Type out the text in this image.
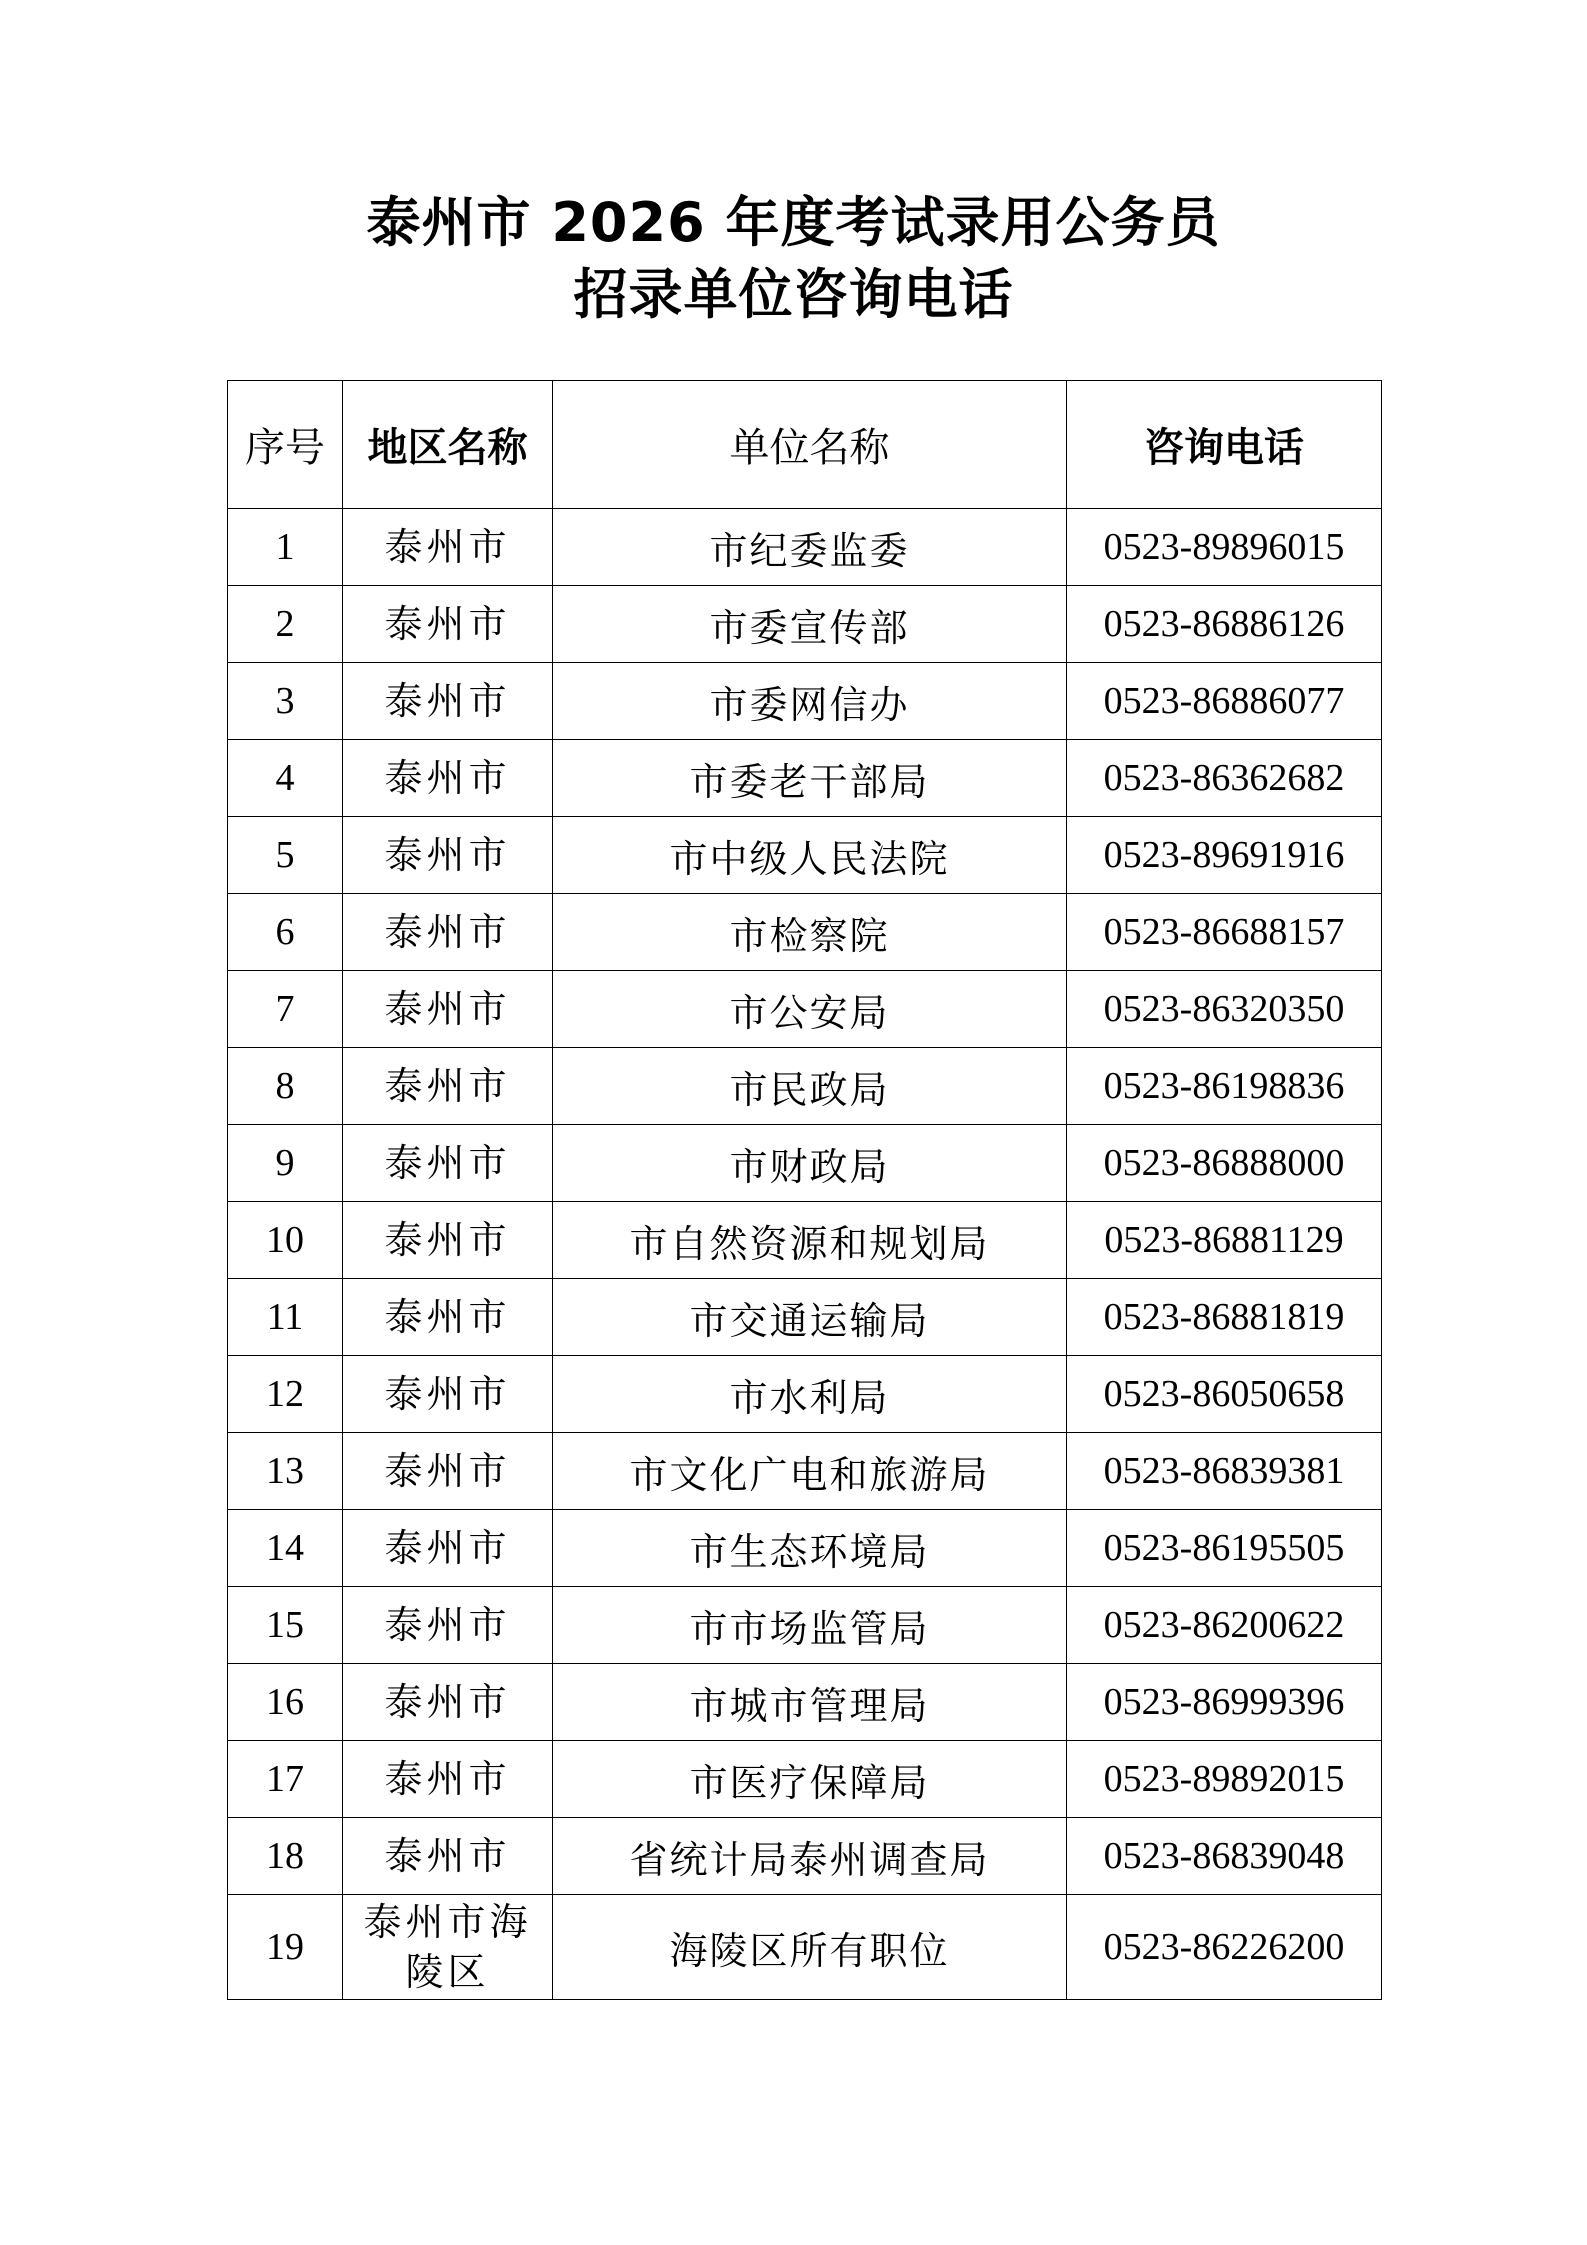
泰州市 2026 年度考试录用公务员
招录单位咨询电话
序号	地区名称	单位名称	咨询电话
1	泰州市	市纪委监委	0523-89896015
2	泰州市	市委宣传部	0523-86886126
3	泰州市	市委网信办	0523-86886077
4	泰州市	市委老干部局	0523-86362682
5	泰州市	市中级人民法院	0523-89691916
6	泰州市	市检察院	0523-86688157
7	泰州市	市公安局	0523-86320350
8	泰州市	市民政局	0523-86198836
9	泰州市	市财政局	0523-86888000
10	泰州市	市自然资源和规划局	0523-86881129
11	泰州市	市交通运输局	0523-86881819
12	泰州市	市水利局	0523-86050658
13	泰州市	市文化广电和旅游局	0523-86839381
14	泰州市	市生态环境局	0523-86195505
15	泰州市	市市场监管局	0523-86200622
16	泰州市	市城市管理局	0523-86999396
17	泰州市	市医疗保障局	0523-89892015
18	泰州市	省统计局泰州调查局	0523-86839048
19	泰州市海陵区	海陵区所有职位	0523-86226200
